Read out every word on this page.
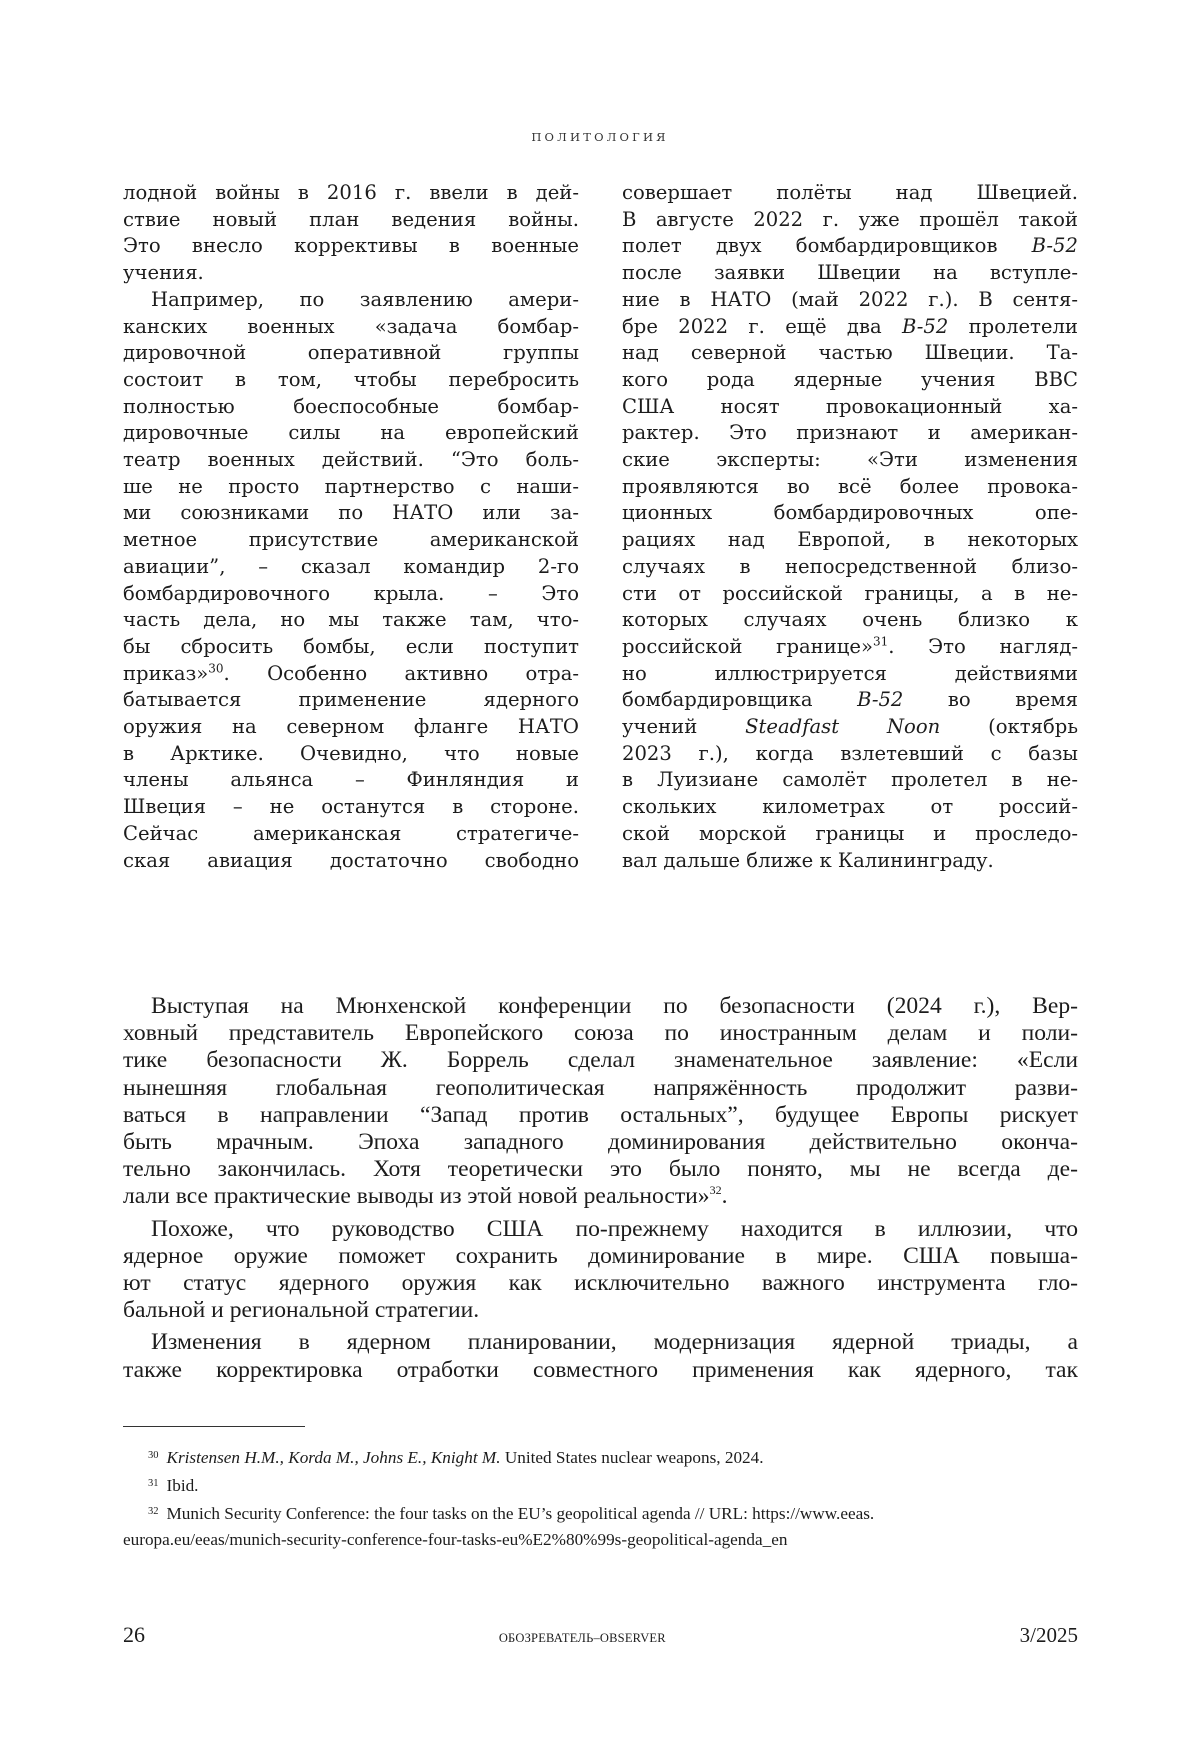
ПОЛИТОЛОГИЯ
лодной войны в 2016 г. ввели в дей-
ствие новый план ведения войны.
Это внесло коррективы в военные
учения.
Например, по заявлению амери-
канских военных «задача бомбар-
дировочной оперативной группы
состоит в том, чтобы перебросить
полностью боеспособные бомбар-
дировочные силы на европейский
театр военных действий. “Это боль-
ше не просто партнерство с наши-
ми союзниками по НАТО или за-
метное присутствие американской
авиации”, – сказал командир 2-го
бомбардировочного крыла. – Это
часть дела, но мы также там, что-
бы сбросить бомбы, если поступит
приказ»$^{30}$. Особенно активно отра-
батывается применение ядерного
оружия на северном фланге НАТО
в Арктике. Очевидно, что новые
члены альянса – Финляндия и
Швеция – не останутся в стороне.
Сейчас американская стратегиче-
ская авиация достаточно свободно
совершает полёты над Швецией.
В августе 2022 г. уже прошёл такой
полет двух бомбардировщиков B-52
после заявки Швеции на вступле-
ние в НАТО (май 2022 г.). В сентя-
бре 2022 г. ещё два B-52 пролетели
над северной частью Швеции. Та-
кого рода ядерные учения ВВС
США носят провокационный ха-
рактер. Это признают и американ-
ские эксперты: «Эти изменения
проявляются во всё более провока-
ционных бомбардировочных опе-
рациях над Европой, в некоторых
случаях в непосредственной близо-
сти от российской границы, а в не-
которых случаях очень близко к
российской границе»$^{31}$. Это нагляд-
но иллюстрируется действиями
бомбардировщика B-52 во время
учений Steadfast Noon (октябрь
2023 г.), когда взлетевший с базы
в Луизиане самолёт пролетел в не-
скольких километрах от россий-
ской морской границы и проследо-
вал дальше ближе к Калининграду.
Выступая на Мюнхенской конференции по безопасности (2024 г.), Вер-
ховный представитель Европейского союза по иностранным делам и поли-
тике безопасности Ж. Боррель сделал знаменательное заявление: «Если
нынешняя глобальная геополитическая напряжённость продолжит разви-
ваться в направлении “Запад против остальных”, будущее Европы рискует
быть мрачным. Эпоха западного доминирования действительно оконча-
тельно закончилась. Хотя теоретически это было понято, мы не всегда де-
лали все практические выводы из этой новой реальности»$^{32}$.
Похоже, что руководство США по-прежнему находится в иллюзии, что
ядерное оружие поможет сохранить доминирование в мире. США повыша-
ют статус ядерного оружия как исключительно важного инструмента гло-
бальной и региональной стратегии.
Изменения в ядерном планировании, модернизация ядерной триады, а
также корректировка отработки совместного применения как ядерного, так
$^{30}$ Kristensen H.M., Korda M., Johns E., Knight M. United States nuclear weapons, 2024.
$^{31}$ Ibid.
$^{32}$ Munich Security Conference: the four tasks on the EU’s geopolitical agenda // URL: https://www.eeas.
europa.eu/eeas/munich-security-conference-four-tasks-eu%E2%80%99s-geopolitical-agenda_en
26	ОБОЗРЕВАТЕЛЬ–OBSERVER	3/2025
